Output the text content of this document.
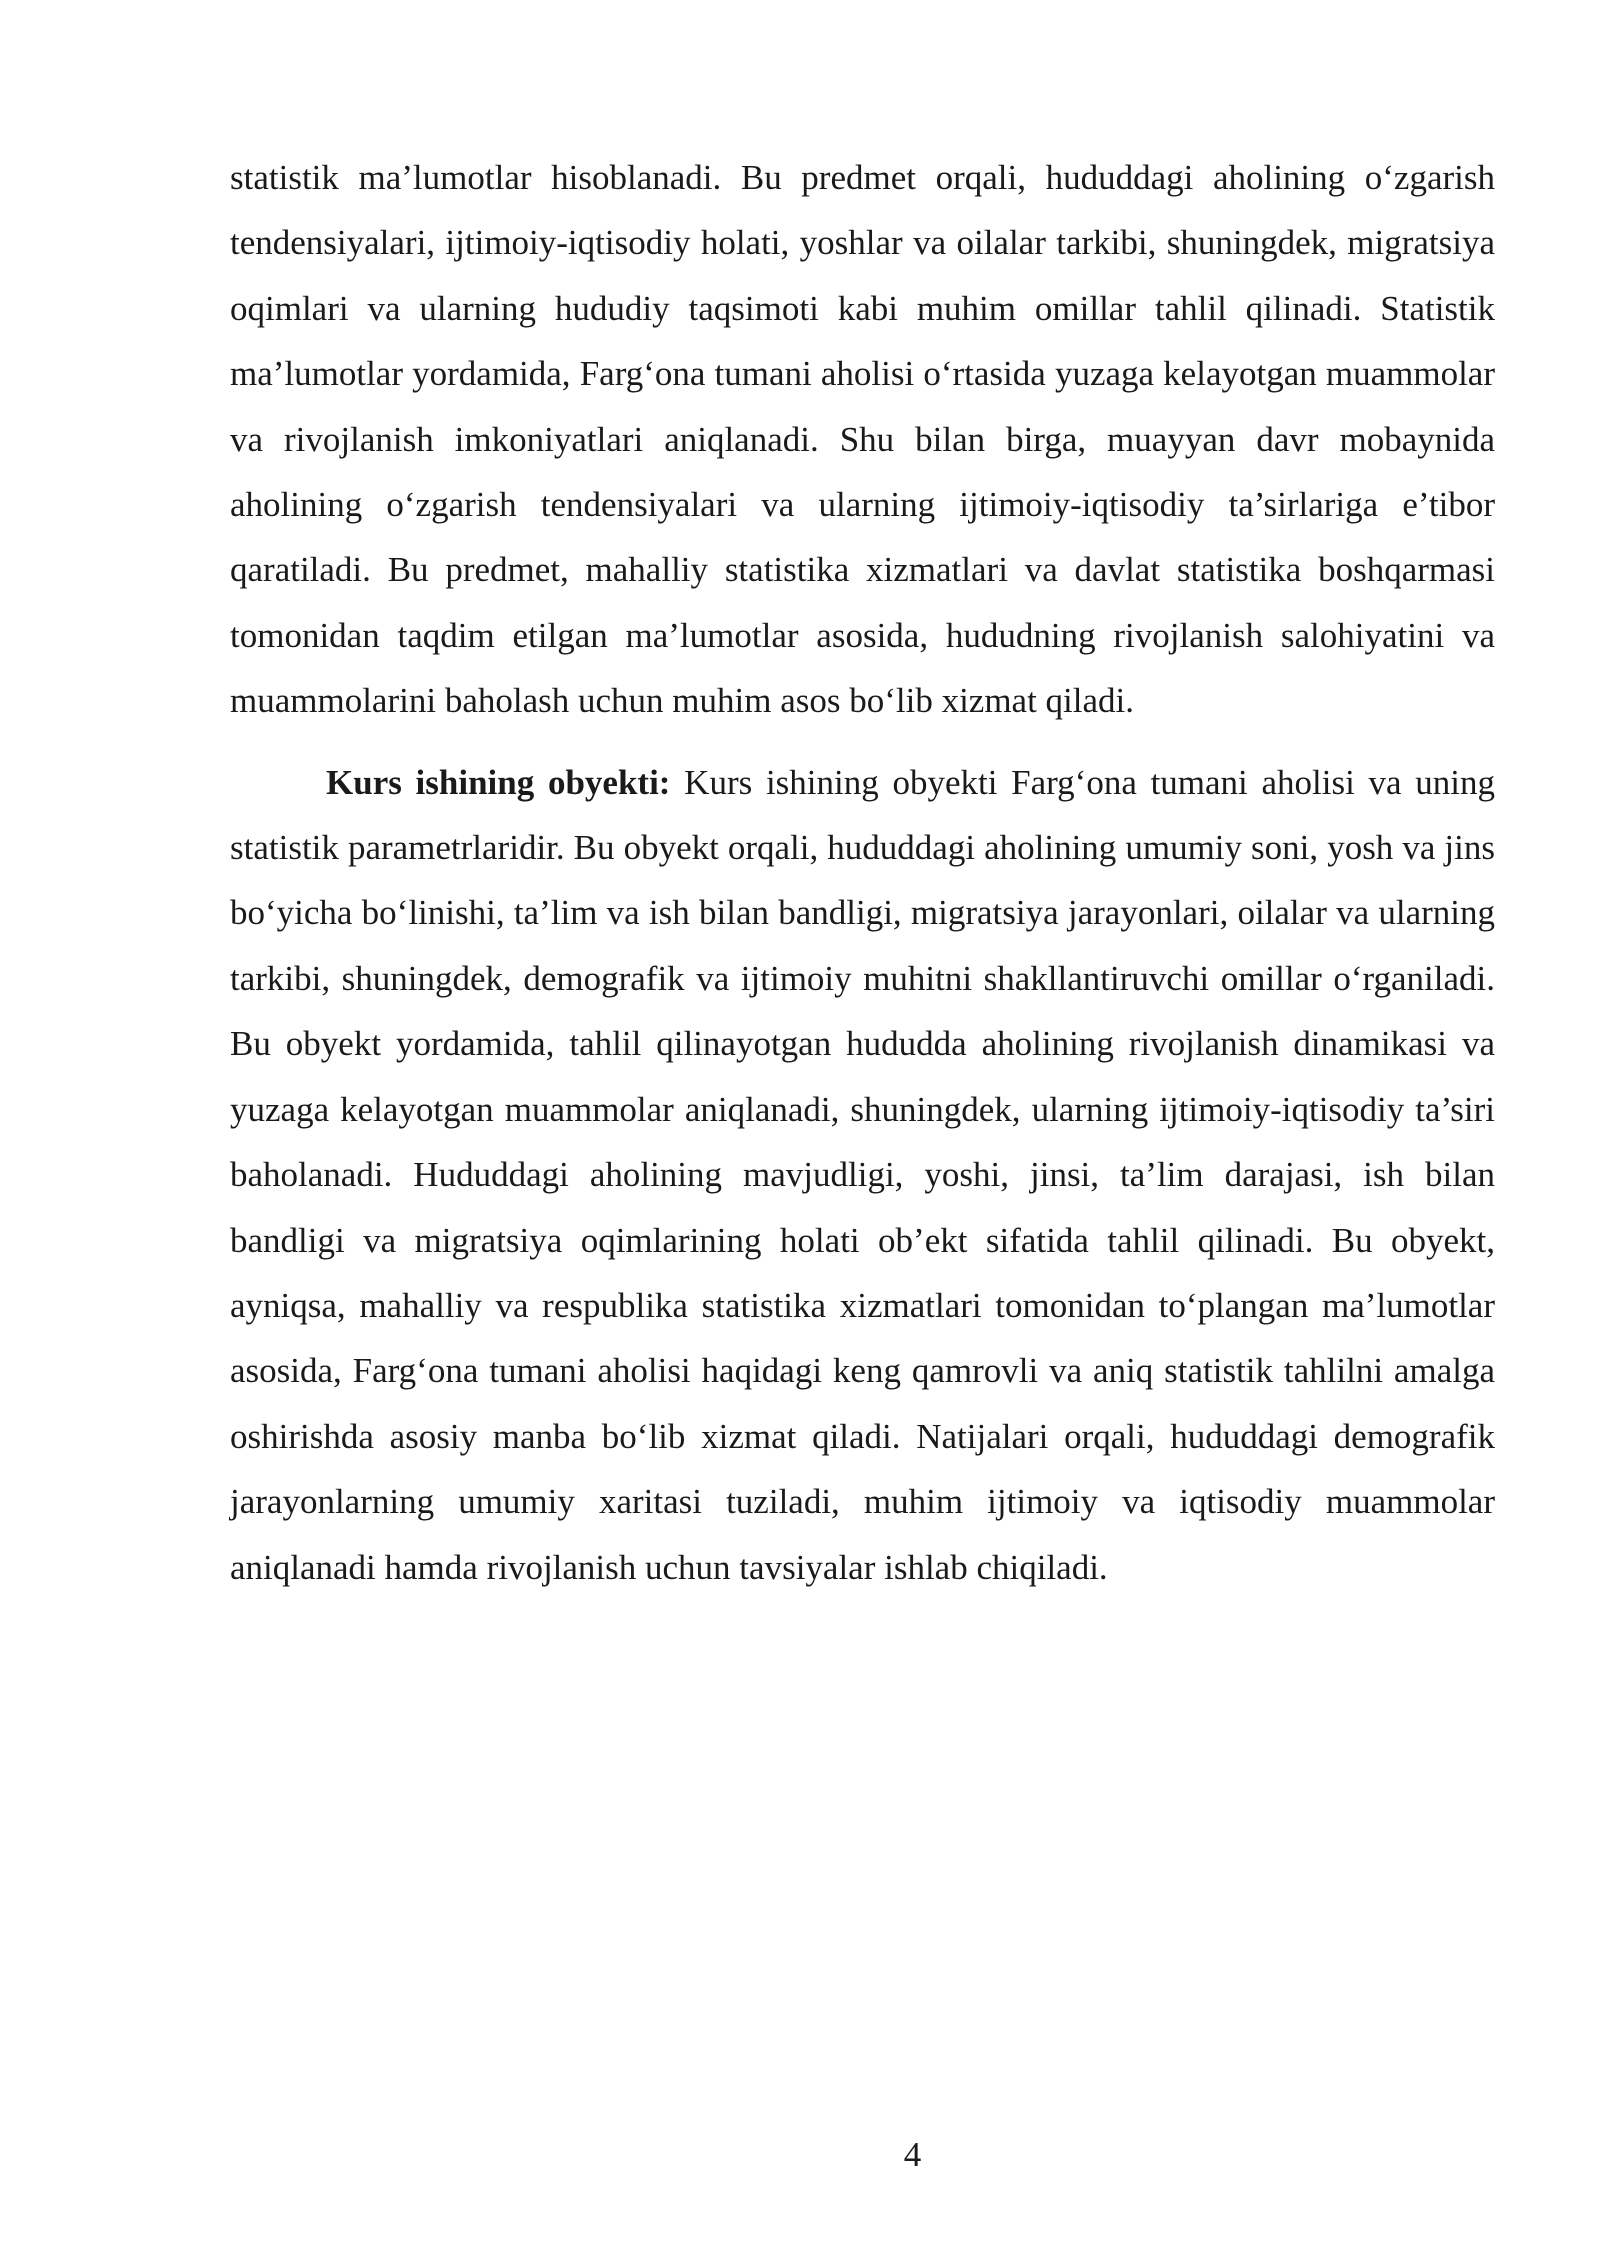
statistik ma’lumotlar hisoblanadi. Bu predmet orqali, hududdagi aholining o‘zgarish tendensiyalari, ijtimoiy-iqtisodiy holati, yoshlar va oilalar tarkibi, shuningdek, migratsiya oqimlari va ularning hududiy taqsimoti kabi muhim omillar tahlil qilinadi. Statistik ma’lumotlar yordamida, Farg‘ona tumani aholisi o‘rtasida yuzaga kelayotgan muammolar va rivojlanish imkoniyatlari aniqlanadi. Shu bilan birga, muayyan davr mobaynida aholining o‘zgarish tendensiyalari va ularning ijtimoiy-iqtisodiy ta’sirlariga e’tibor qaratiladi. Bu predmet, mahalliy statistika xizmatlari va davlat statistika boshqarmasi tomonidan taqdim etilgan ma’lumotlar asosida, hududning rivojlanish salohiyatini va muammolarini baholash uchun muhim asos bo‘lib xizmat qiladi.

Kurs ishining obyekti: Kurs ishining obyekti Farg‘ona tumani aholisi va uning statistik parametrlaridir. Bu obyekt orqali, hududdagi aholining umumiy soni, yosh va jins bo‘yicha bo‘linishi, ta’lim va ish bilan bandligi, migratsiya jarayonlari, oilalar va ularning tarkibi, shuningdek, demografik va ijtimoiy muhitni shakllantiruvchi omillar o‘rganiladi. Bu obyekt yordamida, tahlil qilinayotgan hududda aholining rivojlanish dinamikasi va yuzaga kelayotgan muammolar aniqlanadi, shuningdek, ularning ijtimoiy-iqtisodiy ta’siri baholanadi. Hududdagi aholining mavjudligi, yoshi, jinsi, ta’lim darajasi, ish bilan bandligi va migratsiya oqimlarining holati ob’ekt sifatida tahlil qilinadi. Bu obyekt, ayniqsa, mahalliy va respublika statistika xizmatlari tomonidan to‘plangan ma’lumotlar asosida, Farg‘ona tumani aholisi haqidagi keng qamrovli va aniq statistik tahlilni amalga oshirishda asosiy manba bo‘lib xizmat qiladi. Natijalari orqali, hududdagi demografik jarayonlarning umumiy xaritasi tuziladi, muhim ijtimoiy va iqtisodiy muammolar aniqlanadi hamda rivojlanish uchun tavsiyalar ishlab chiqiladi.

4
